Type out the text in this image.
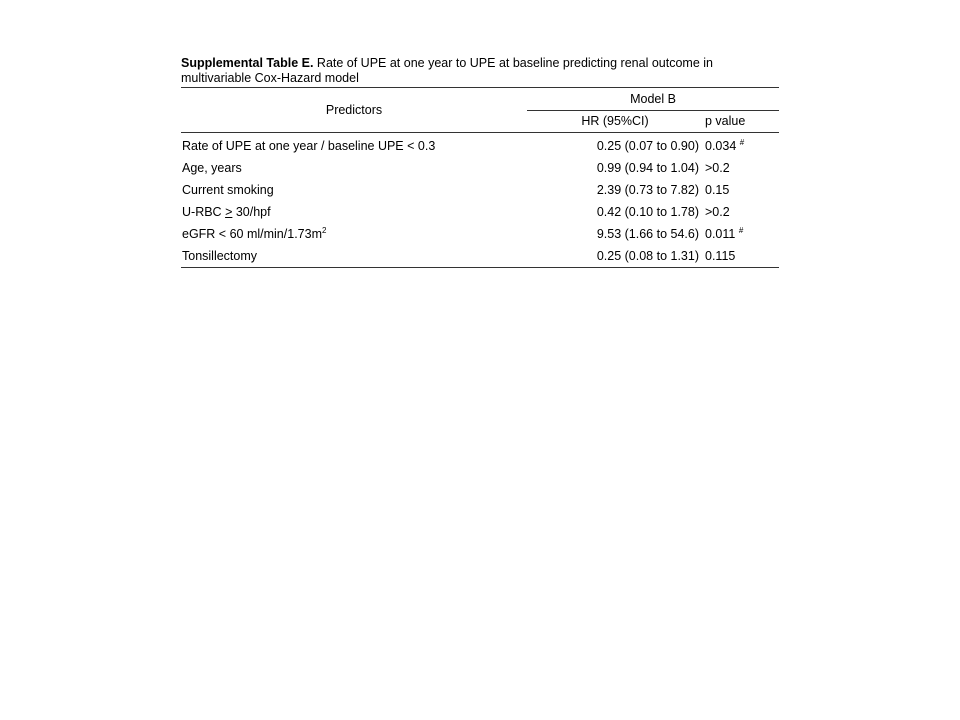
Supplemental Table E. Rate of UPE at one year to UPE at baseline predicting renal outcome in multivariable Cox-Hazard model

Predictors	Model B	
	HR (95%CI)	p value
Rate of UPE at one year / baseline UPE < 0.3	0.25 (0.07 to 0.90)	0.034 #
Age, years	0.99 (0.94 to 1.04)	>0.2
Current smoking	2.39 (0.73 to 7.82)	0.15
U-RBC ≥ 30/hpf	0.42 (0.10 to 1.78)	>0.2
eGFR < 60 $ml/\min/1.73m^2$	9.53 (1.66 to 54.6)	0.011 #
Tonsillectomy	0.25 (0.08 to 1.31)	0.115
